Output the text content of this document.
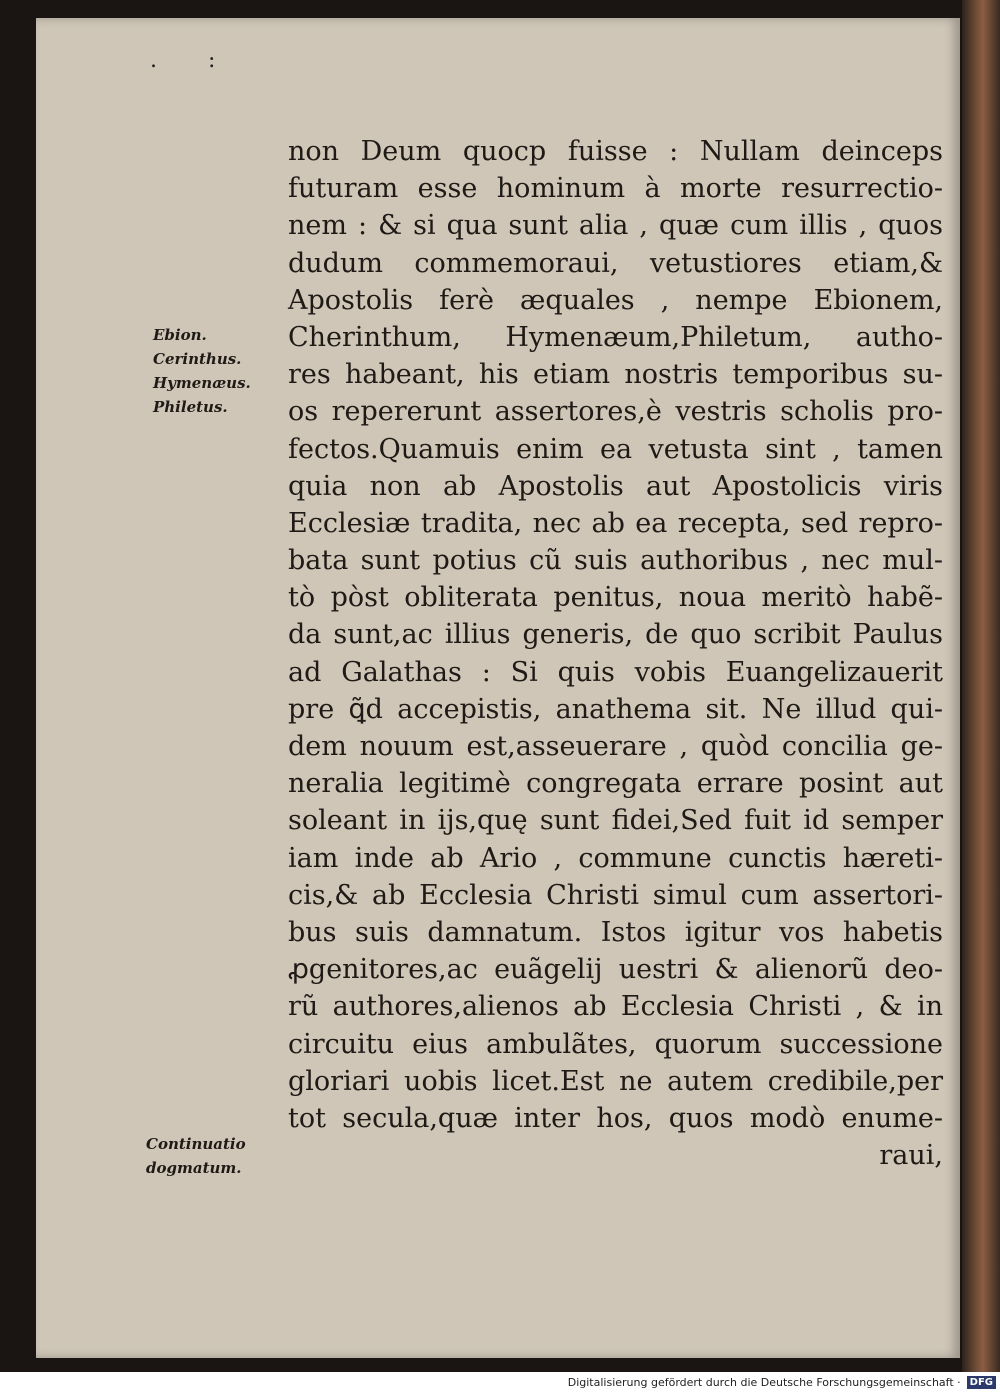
. :
non Deum quocp fuisse : Nullam deinceps
futuram esse hominum à morte resurrectio-
nem : & si qua sunt alia , quæ cum illis , quos
dudum commemoraui, vetustiores etiam,&
Apostolis ferè æquales , nempe Ebionem,
Cherinthum, Hymenæum,Philetum, autho-
res habeant, his etiam nostris temporibus su-
os repererunt assertores,è vestris scholis pro-
fectos.Quamuis enim ea vetusta sint , tamen
quia non ab Apostolis aut Apostolicis viris
Ecclesiæ tradita, nec ab ea recepta, sed repro-
bata sunt potius cũ suis authoribus , nec mul-
tò pòst obliterata penitus, noua meritò habẽ-
da sunt,ac illius generis, de quo scribit Paulus
ad Galathas : Si quis vobis Euangelizauerit
pre ꝗ̃d accepistis, anathema sit. Ne illud qui-
dem nouum est,asseuerare , quòd concilia ge-
neralia legitimè congregata errare posint aut
soleant in ijs,quę sunt fidei,Sed fuit id semper
iam inde ab Ario , commune cunctis hæreti-
cis,& ab Ecclesia Christi simul cum assertori-
bus suis damnatum. Istos igitur vos habetis
ꝓgenitores,ac euãgelij uestri & alienorũ deo-
rũ authores,alienos ab Ecclesia Christi , & in
circuitu eius ambulãtes, quorum successione
gloriari uobis licet.Est ne autem credibile,per
tot secula,quæ inter hos, quos modò enume-
raui,
Ebion.
Cerinthus.
Hymenæus.
Philetus.
Continuatio
dogmatum.
Digitalisierung gefördert durch die Deutsche Forschungsgemeinschaft · DFG
